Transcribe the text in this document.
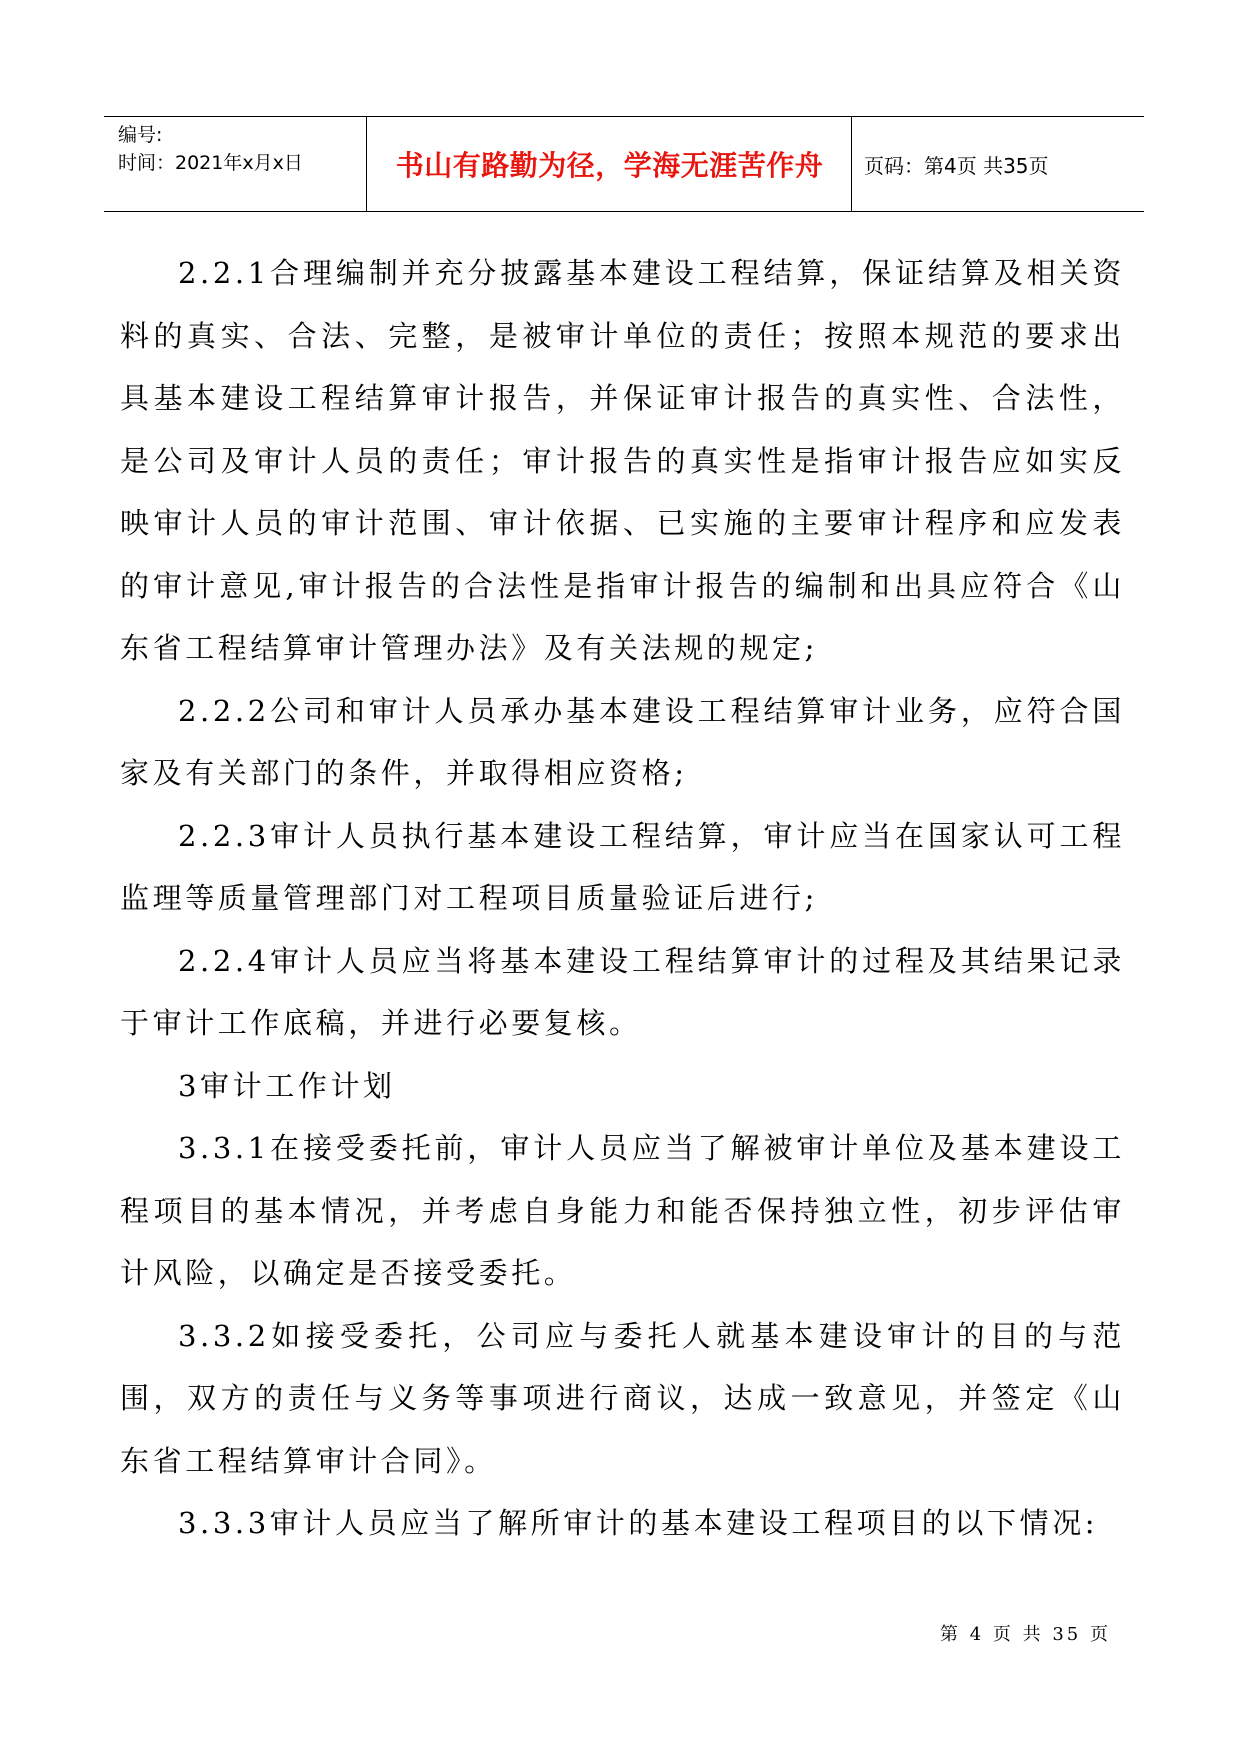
编号:
时间：2021年x月x日	书山有路勤为径，学海无涯苦作舟	页码：第4页 共35页

2.2.1合理编制并充分披露基本建设工程结算，保证结算及相关资料的真实、合法、完整，是被审计单位的责任；按照本规范的要求出具基本建设工程结算审计报告，并保证审计报告的真实性、合法性，是公司及审计人员的责任；审计报告的真实性是指审计报告应如实反映审计人员的审计范围、审计依据、已实施的主要审计程序和应发表的审计意见,审计报告的合法性是指审计报告的编制和出具应符合《山东省工程结算审计管理办法》及有关法规的规定;

2.2.2公司和审计人员承办基本建设工程结算审计业务，应符合国家及有关部门的条件，并取得相应资格;

2.2.3审计人员执行基本建设工程结算，审计应当在国家认可工程监理等质量管理部门对工程项目质量验证后进行;

2.2.4审计人员应当将基本建设工程结算审计的过程及其结果记录于审计工作底稿，并进行必要复核。

3审计工作计划

3.3.1在接受委托前，审计人员应当了解被审计单位及基本建设工程项目的基本情况，并考虑自身能力和能否保持独立性，初步评估审计风险，以确定是否接受委托。

3.3.2如接受委托，公司应与委托人就基本建设审计的目的与范围，双方的责任与义务等事项进行商议，达成一致意见，并签定《山东省工程结算审计合同》。

3.3.3审计人员应当了解所审计的基本建设工程项目的以下情况:

第 4 页 共 35 页
